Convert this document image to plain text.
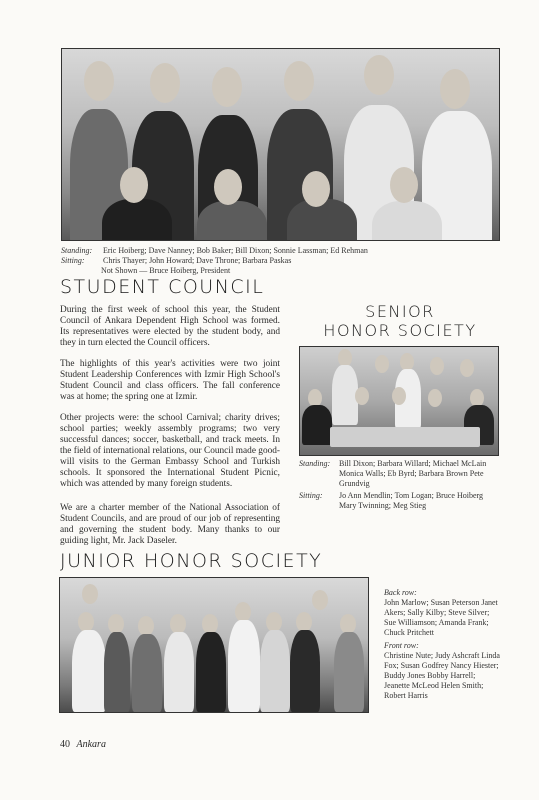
Standing: Eric Hoiberg; Dave Nanney; Bob Baker; Bill Dixon; Sonnie Lassman; Ed Rehman
Sitting: Chris Thayer; John Howard; Dave Throne; Barbara Paskas
Not Shown — Bruce Hoiberg, President
STUDENT COUNCIL

During the first week of school this year, the Student Council of Ankara Dependent High School was formed. Its representatives were elected by the student body, and they in turn elected the Council officers.

The highlights of this year's activities were two joint Student Leadership Conferences with Izmir High School's Student Council and class officers. The fall conference was at home; the spring one at Izmir.

Other projects were: the school Carnival; charity drives; school parties; weekly assembly programs; two very successful dances; soccer, basketball, and track meets. In the field of international relations, our Council made good-will visits to the German Embassy School and Turkish schools. It sponsored the International Student Picnic, which was attended by many foreign students.

We are a charter member of the National Association of Student Councils, and are proud of our job of representing and governing the student body. Many thanks to our guiding light, Mr. Jack Daseler.

SENIOR
HONOR SOCIETY
Standing:	Bill Dixon; Barbara Willard; Michael McLain Monica Walls; Eb Byrd; Barbara Brown Pete Grundvig
Sitting:	Jo Ann Mendlin; Tom Logan; Bruce Hoiberg Mary Twinning; Meg Stieg
JUNIOR HONOR SOCIETY
Back row:
John Marlow; Susan Peterson Janet Akers; Sally Kilby; Steve Silver; Sue Williamson; Amanda Frank; Chuck Pritchett
Front row:
Christine Nute; Judy Ashcraft Linda Fox; Susan Godfrey Nancy Hiester; Buddy Jones Bobby Harrell; Jeanette McLeod Helen Smith; Robert Harris
40 Ankara
